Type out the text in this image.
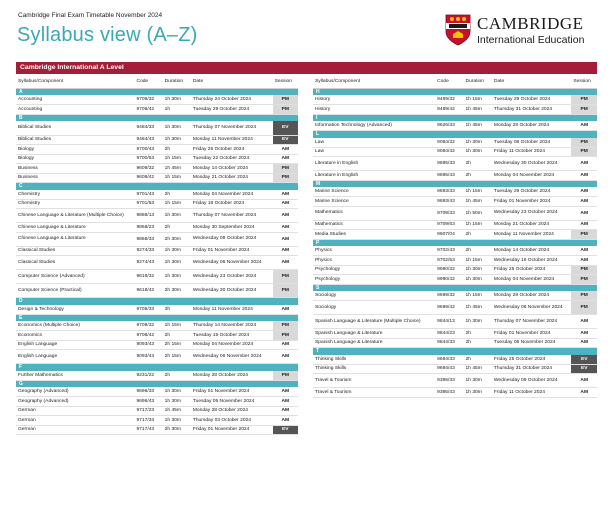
Cambridge Final Exam Timetable November 2024
Syllabus view (A–Z)
CAMBRIDGE
International Education
Cambridge International A Level
Syllabus/Component	Code	Duration	Date	Session
A				
Accounting	9706/32	1h 30m	Thursday 24 October 2024	PM
Accounting	9706/42	1h	Tuesday 29 October 2024	PM
B				
Biblical Studies	9484/33	1h 30m	Thursday 07 November 2024	EV
Biblical Studies	9484/43	1h 30m	Monday 11 November 2024	EV
Biology	9700/43	2h	Friday 25 October 2024	AM
Biology	9700/53	1h 15m	Tuesday 22 October 2024	AM
Business	9609/32	1h 45m	Monday 14 October 2024	PM
Business	9609/42	1h 15m	Monday 21 October 2024	PM
C				
Chemistry	9701/43	2h	Monday 04 November 2024	AM
Chemistry	9701/53	1h 15m	Friday 18 October 2024	AM
Chinese Language & Literature (Multiple Choice)	9868/13	1h 30m	Thursday 07 November 2024	AM
Chinese Language & Literature	9868/23	2h	Monday 30 September 2024	AM
Chinese Language & Literature	9868/33	2h 30m	Wednesday 09 October 2024	AM
Classical Studies	9274/33	1h 30m	Friday 01 November 2024	AM
Classical Studies	9274/43	1h 30m	Wednesday 06 November 2024	AM
Computer Science (Advanced)	9618/32	1h 30m	Wednesday 23 October 2024	PM
Computer Science (Practical)	9618/42	2h 30m	Wednesday 30 October 2024	PM
D				
Design & Technology	9705/33	3h	Monday 11 November 2024	AM
E				
Economics (Multiple Choice)	9708/32	1h 15m	Thursday 14 November 2024	PM
Economics	9708/42	2h	Tuesday 15 October 2024	PM
English Language	9093/43	2h 15m	Monday 04 November 2024	AM
English Language	9093/43	2h 15m	Wednesday 06 November 2024	AM
F				
Further Mathematics	9231/22	2h	Monday 28 October 2024	PM
G				
Geography (Advanced)	9696/33	1h 30m	Friday 01 November 2024	AM
Geography (Advanced)	9696/43	1h 30m	Tuesday 05 November 2024	AM
German	9717/23	1h 45m	Monday 28 October 2024	AM
German	9717/33	1h 30m	Thursday 03 October 2024	AM
German	9717/43	2h 30m	Friday 01 November 2024	EV
Syllabus/Component	Code	Duration	Date	Session
H				
History	9489/32	1h 15m	Tuesday 29 October 2024	PM
History	9489/42	1h 45m	Thursday 31 October 2024	PM
I				
Information Technology (Advanced)	9626/33	1h 45m	Monday 28 October 2024	AM
L				
Law	9084/32	1h 30m	Tuesday 08 October 2024	PM
Law	9084/42	1h 30m	Friday 11 October 2024	PM
Literature in English	9695/33	2h	Wednesday 30 October 2024	AM
Literature in English	9695/43	2h	Monday 04 November 2024	AM
M				
Marine Science	9693/33	1h 15m	Tuesday 29 October 2024	AM
Marine Science	9693/43	1h 45m	Friday 01 November 2024	AM
Mathematics	9709/33	1h 50m	Wednesday 23 October 2024	AM
Mathematics	9709/63	1h 15m	Monday 21 October 2024	AM
Media Studies	9607/04	2h	Monday 11 November 2024	PM
P				
Physics	9702/43	2h	Monday 14 October 2024	AM
Physics	9702/53	1h 15m	Wednesday 16 October 2024	AM
Psychology	9990/32	1h 30m	Friday 25 October 2024	PM
Psychology	9990/42	1h 30m	Monday 04 November 2024	PM
S				
Sociology	9699/32	1h 15m	Monday 28 October 2024	PM
Sociology	9699/42	1h 45m	Wednesday 06 November 2024	PM
Spanish Language & Literature (Multiple Choice)	9844/13	1h 30m	Thursday 07 November 2024	AM
Spanish Language & Literature	9844/23	2h	Friday 01 November 2024	AM
Spanish Language & Literature	9844/33	2h	Tuesday 05 November 2024	AM
T				
Thinking Skills	9694/33	2h	Friday 25 October 2024	EV
Thinking Skills	9694/43	1h 45m	Thursday 31 October 2024	EV
Travel & Tourism	9395/33	1h 30m	Wednesday 09 October 2024	AM
Travel & Tourism	9395/43	1h 30m	Friday 11 October 2024	AM
